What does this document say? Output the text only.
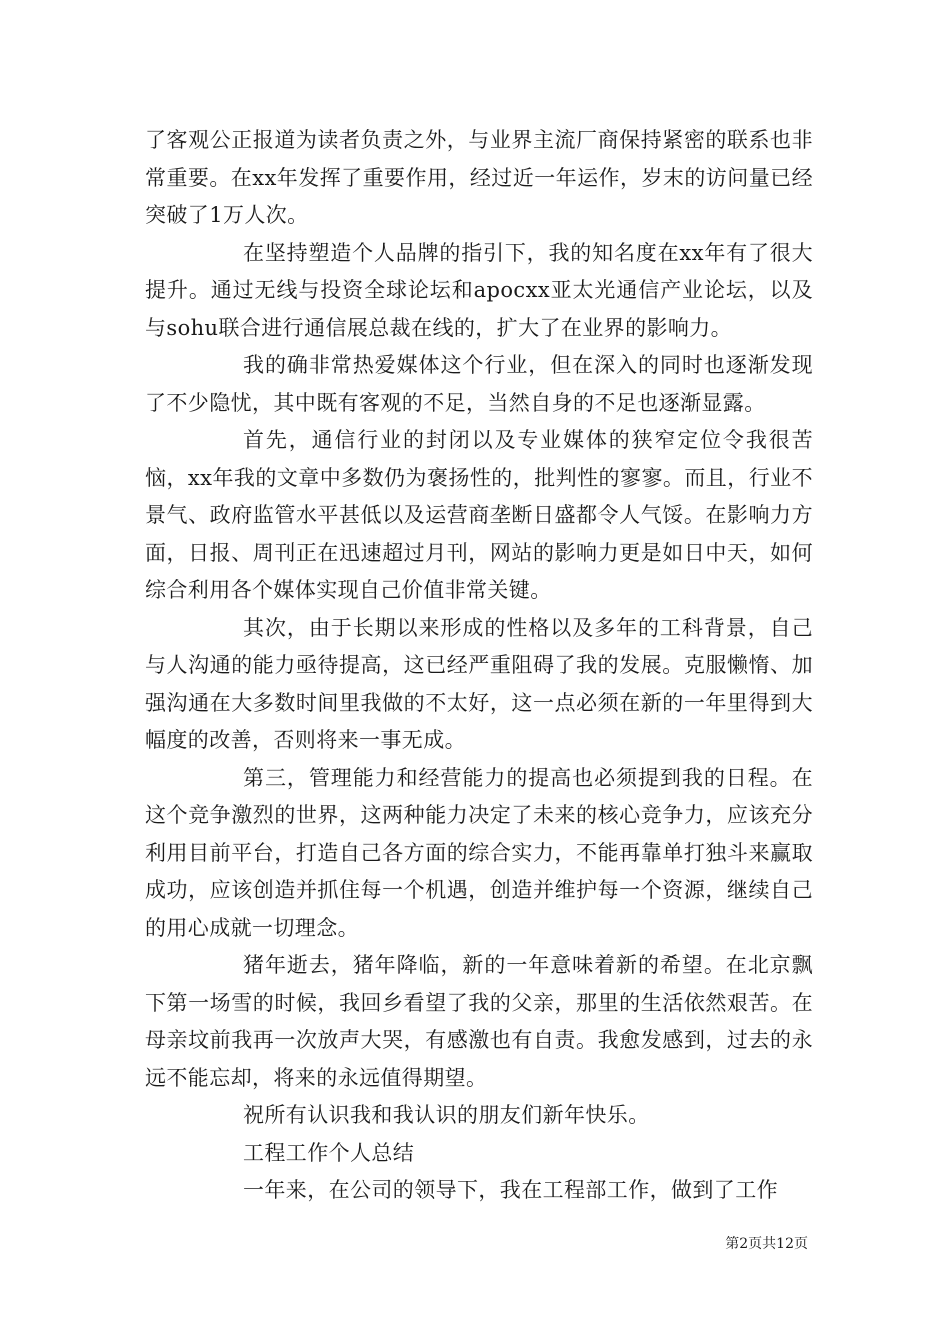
了客观公正报道为读者负责之外，与业界主流厂商保持紧密的联系也非常重要。在xx年发挥了重要作用，经过近一年运作，岁末的访问量已经突破了1万人次。

在坚持塑造个人品牌的指引下，我的知名度在xx年有了很大提升。通过无线与投资全球论坛和apocxx亚太光通信产业论坛，以及与sohu联合进行通信展总裁在线的，扩大了在业界的影响力。

我的确非常热爱媒体这个行业，但在深入的同时也逐渐发现了不少隐忧，其中既有客观的不足，当然自身的不足也逐渐显露。

首先，通信行业的封闭以及专业媒体的狭窄定位令我很苦恼，xx年我的文章中多数仍为褒扬性的，批判性的寥寥。而且，行业不景气、政府监管水平甚低以及运营商垄断日盛都令人气馁。在影响力方面，日报、周刊正在迅速超过月刊，网站的影响力更是如日中天，如何综合利用各个媒体实现自己价值非常关键。

其次，由于长期以来形成的性格以及多年的工科背景，自己与人沟通的能力亟待提高，这已经严重阻碍了我的发展。克服懒惰、加强沟通在大多数时间里我做的不太好，这一点必须在新的一年里得到大幅度的改善，否则将来一事无成。

第三，管理能力和经营能力的提高也必须提到我的日程。在这个竞争激烈的世界，这两种能力决定了未来的核心竞争力，应该充分利用目前平台，打造自己各方面的综合实力，不能再靠单打独斗来赢取成功，应该创造并抓住每一个机遇，创造并维护每一个资源，继续自己的用心成就一切理念。

猪年逝去，猪年降临，新的一年意味着新的希望。在北京飘下第一场雪的时候，我回乡看望了我的父亲，那里的生活依然艰苦。在母亲坟前我再一次放声大哭，有感激也有自责。我愈发感到，过去的永远不能忘却，将来的永远值得期望。

祝所有认识我和我认识的朋友们新年快乐。

工程工作个人总结

一年来，在公司的领导下，我在工程部工作，做到了工作

第2页共12页
